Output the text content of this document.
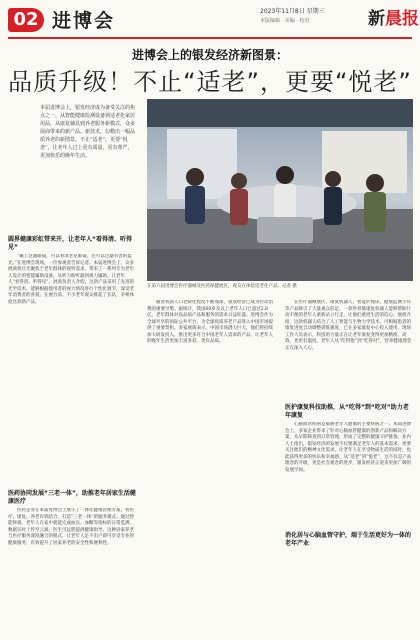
02 进博会	2023年11月8日 星期三
本版编辑 · 美编 · 校对	新晨报
进博会上的银发经济新图景：
品质升级！不止“适老”，更要“悦老”
本届进博会上，银发经济成为备受关注的焦点之一。从智能健康监测设备到适老化家居用品，从康复辅具到养老服务新模式，众多展商带来的新产品、新技术，勾勒出一幅品质养老的新图景。不止“适老”，更要“悦老”，让老年人过上更有质量、更有尊严、更加快乐的晚年生活。
在第六届进博会医疗器械及医药保健展区，观众在体验适老化产品。记者 摄
圆界健康彩虹带来开，让老年人“看得清、听得见”

“戴上这副眼镜，可以看清老花眼镜，还可以过滤有害的蓝光。”在进博会现场，一位参观者告诉记者。本届进博会上，众多展商将目光聚焦于老年群体的视听需求，带来了一系列专为老年人设计的智能辅助设备，从听力助听器到视力辅助，让老年人“看得清、听得见”。展商负责人介绍，这款产品采用了先进的光学技术，能够根据使用者的视力情况进行个性化调节，深受老年消费者的喜爱。在展台前，不少老年观众排起了长队，争相体验这款新产品。

医药协同发展“三老一体”，助推老年居家生活健康医疗

医药企业在本届进博会上展示了一体化健康管理方案，将医疗、康复、养老有机结合，打造“三老一体”的服务模式。通过智能终端，老年人在家中就能完成血压、血糖等指标的日常监测，数据实时上传至云端，医生可远程提供健康指导。这种居家养老与医疗服务深度融合的模式，让老年人足不出户即可享受专业的健康服务，有效提升了居家养老的安全性和便利性。

随着我国人口老龄化程度不断加深，银发经济已成为拉动消费的重要引擎。据统计，我国60岁及以上老年人口已超过2.8亿，老年群体对高品质产品和服务的需求日益旺盛。进博会作为全球共享的国际公共平台，为全球优质养老产品进入中国市场提供了重要契机。多家展商表示，中国市场潜力巨大，他们将持续加大研发投入，推出更多符合中国老年人需求的产品，让老年人的晚年生活更加丰富多彩、更有品质。

在医疗器械展区，康复机器人、智能护理床、健康监测手环等产品吸引了大量观众驻足。一款外骨骼康复机器人能够帮助行动不便的老年人重新站立行走，让他们重拾生活的信心。展商介绍，这款机器人结合了人工智能与生物力学技术，可根据患者的康复进度自动调整训练强度，已在多家康复中心投入使用。现场工作人员表示，科技的力量正在让老年康复变得更加精准、高效，也更有温度。老年人从“吃得饱”到“吃得对”，营养健康理念正在深入人心。

医护康复科技助推，从“吃得”到“吃对”助力老年康复

心脑血管疾病是威胁老年人健康的主要疾病之一。本届进博会上，多家企业带来了针对心脑血管健康的创新产品和解决方案，从早期筛查到日常管理，形成了完整的健康守护链条。业内人士指出，银发经济的发展不仅要满足老年人的基本需求，更要关注他们的精神文化需求，让老年人在享受物质生活的同时，也能获得更多的快乐和幸福感。从“适老”到“悦老”，这不仅是产品理念的升级，更是社会观念的进步，银发经济正迎来更加广阔的发展空间。

消化居与心脑血管守护，端于生活更好为一体的老年产业
